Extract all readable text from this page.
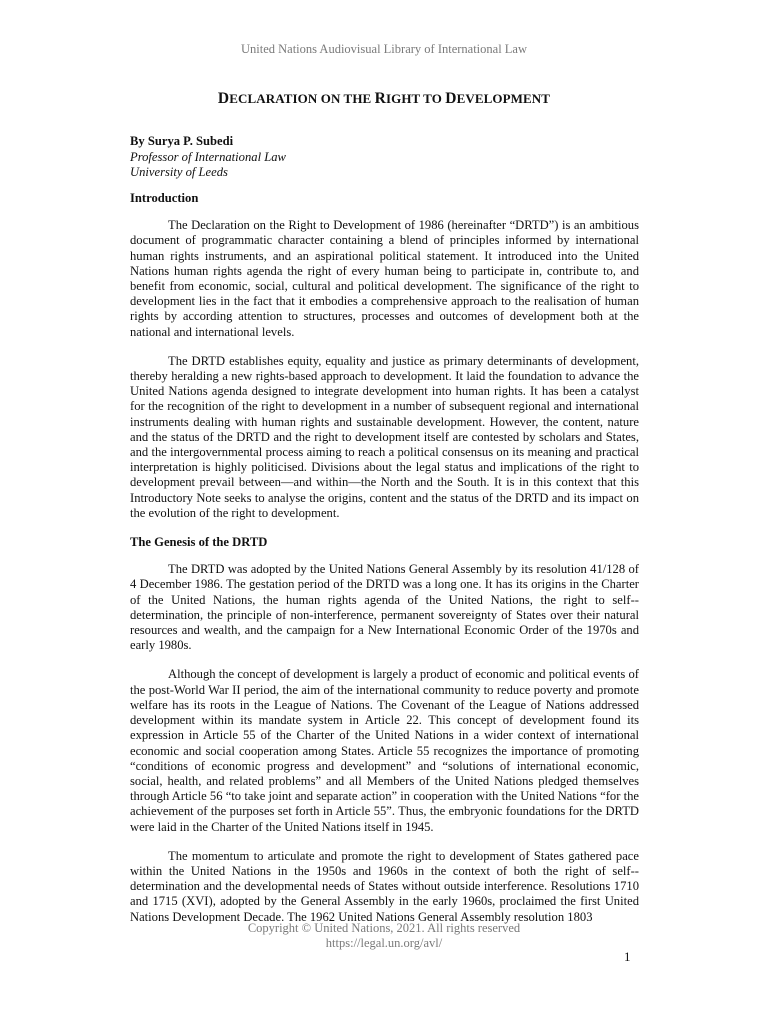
United Nations Audiovisual Library of International Law
DECLARATION ON THE RIGHT TO DEVELOPMENT
By Surya P. Subedi
Professor of International Law
University of Leeds
Introduction

The Declaration on the Right to Development of 1986 (hereinafter “DRTD”) is an ambitious document of programmatic character containing a blend of principles informed by international human rights instruments, and an aspirational political statement. It introduced into the United Nations human rights agenda the right of every human being to participate in, contribute to, and benefit from economic, social, cultural and political development. The significance of the right to development lies in the fact that it embodies a comprehensive approach to the realisation of human rights by according attention to structures, processes and outcomes of development both at the national and international levels.

The DRTD establishes equity, equality and justice as primary determinants of development, thereby heralding a new rights-based approach to development. It laid the foundation to advance the United Nations agenda designed to integrate development into human rights. It has been a catalyst for the recognition of the right to development in a number of subsequent regional and international instruments dealing with human rights and sustainable development. However, the content, nature and the status of the DRTD and the right to development itself are contested by scholars and States, and the intergovernmental process aiming to reach a political consensus on its meaning and practical interpretation is highly politicised. Divisions about the legal status and implications of the right to development prevail between—and within—the North and the South. It is in this context that this Introductory Note seeks to analyse the origins, content and the status of the DRTD and its impact on the evolution of the right to development.

The Genesis of the DRTD

The DRTD was adopted by the United Nations General Assembly by its resolution 41/128 of 4 December 1986. The gestation period of the DRTD was a long one. It has its origins in the Charter of the United Nations, the human rights agenda of the United Nations, the right to self-determination, the principle of non-interference, permanent sovereignty of States over their natural resources and wealth, and the campaign for a New International Economic Order of the 1970s and early 1980s.

Although the concept of development is largely a product of economic and political events of the post-World War II period, the aim of the international community to reduce poverty and promote welfare has its roots in the League of Nations. The Covenant of the League of Nations addressed development within its mandate system in Article 22. This concept of development found its expression in Article 55 of the Charter of the United Nations in a wider context of international economic and social cooperation among States. Article 55 recognizes the importance of promoting “conditions of economic progress and development” and “solutions of international economic, social, health, and related problems” and all Members of the United Nations pledged themselves through Article 56 “to take joint and separate action” in cooperation with the United Nations “for the achievement of the purposes set forth in Article 55”. Thus, the embryonic foundations for the DRTD were laid in the Charter of the United Nations itself in 1945.

The momentum to articulate and promote the right to development of States gathered pace within the United Nations in the 1950s and 1960s in the context of both the right of self-determination and the developmental needs of States without outside interference. Resolutions 1710 and 1715 (XVI), adopted by the General Assembly in the early 1960s, proclaimed the first United Nations Development Decade. The 1962 United Nations General Assembly resolution 1803

Copyright © United Nations, 2021. All rights reserved
https://legal.un.org/avl/
1
